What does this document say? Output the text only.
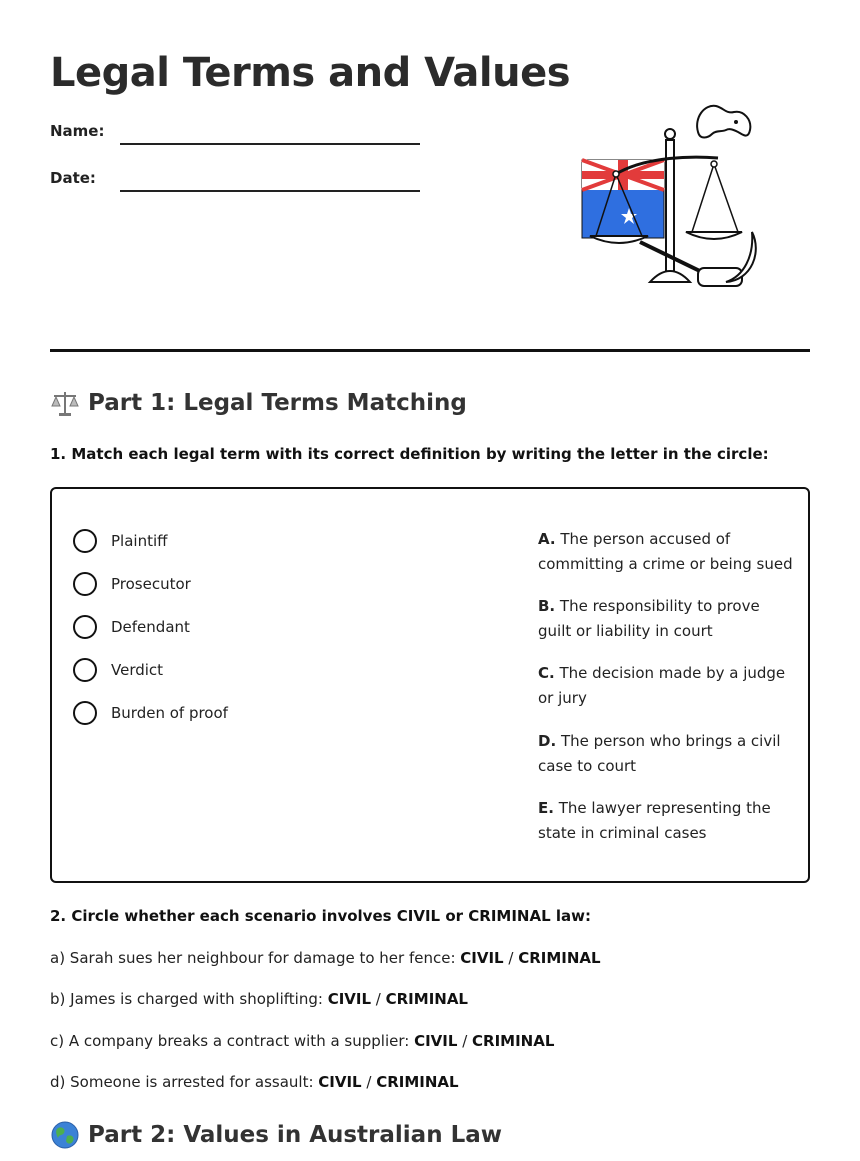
Legal Terms and Values
Name:
Date:
Part 1: Legal Terms Matching
1. Match each legal term with its correct definition by writing the letter in the circle:
Plaintiff
Prosecutor
Defendant
Verdict
Burden of proof
A. The person accused of committing a crime or being sued
B. The responsibility to prove guilt or liability in court
C. The decision made by a judge or jury
D. The person who brings a civil case to court
E. The lawyer representing the state in criminal cases
2. Circle whether each scenario involves CIVIL or CRIMINAL law:
a) Sarah sues her neighbour for damage to her fence: CIVIL / CRIMINAL
b) James is charged with shoplifting: CIVIL / CRIMINAL
c) A company breaks a contract with a supplier: CIVIL / CRIMINAL
d) Someone is arrested for assault: CIVIL / CRIMINAL
Part 2: Values in Australian Law
